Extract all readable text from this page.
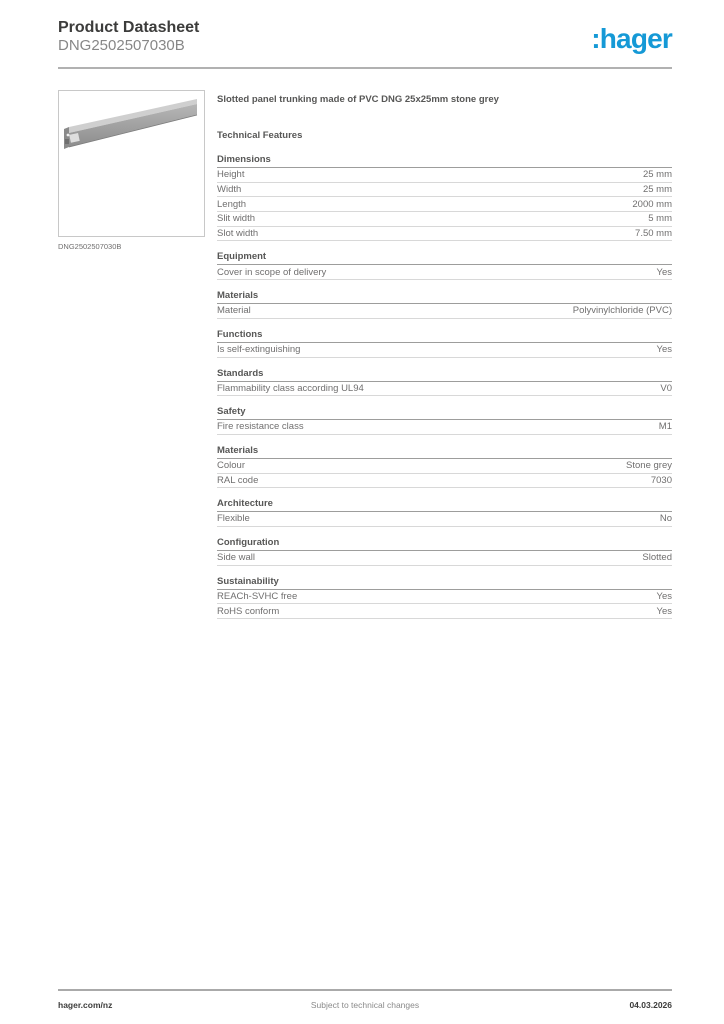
Product Datasheet
DNG2502507030B	:hager
DNG2502507030B
Slotted panel trunking made of PVC DNG 25x25mm stone grey
Technical Features
Dimensions
Height	25 mm
Width	25 mm
Length	2000 mm
Slit width	5 mm
Slot width	7.50 mm
Equipment
Cover in scope of delivery	Yes
Materials
Material	Polyvinylchloride (PVC)
Functions
Is self-extinguishing	Yes
Standards
Flammability class according UL94	V0
Safety
Fire resistance class	M1
Materials
Colour	Stone grey
RAL code	7030
Architecture
Flexible	No
Configuration
Side wall	Slotted
Sustainability
REACh-SVHC free	Yes
RoHS conform	Yes
Subject to technical changes
hager.com/nz	04.03.2026
